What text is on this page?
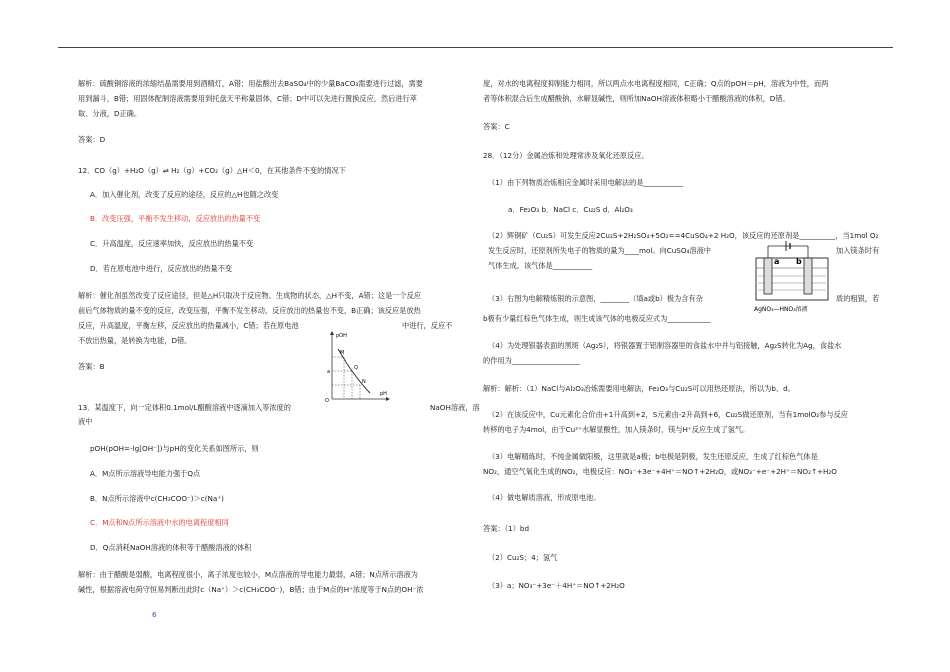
解析：硫酸铜溶液的浓缩结晶需要用到酒精灯，A错；用盐酸出去BaSO₄中的少量BaCO₃需要进行过滤，需要
用到漏斗，B错；用固体配制溶液需要用到托盘天平称量固体，C错；D中可以先进行置换反应，然后进行萃
取、分液，D正确。
答案：D
12．CO（g）+H₂O（g）⇌ H₂（g）+CO₂（g）△H＜0，在其他条件不变的情况下
A．加入催化剂，改变了反应的途径，反应的△H也随之改变
B．改变压强，平衡不发生移动，反应放出的热量不变
C．升高温度，反应速率加快，反应放出的热量不变
D．若在原电池中进行，反应放出的热量不变
解析：催化剂虽然改变了反应途径，但是△H只取决于反应物、生成物的状态，△H不变，A错；这是一个反应
前后气体物质的量不变的反应，改变压强，平衡不发生移动，反应放出的热量也不变，B正确；该反应是放热
反应，升高温度，平衡左移，反应放出的热量减小，C错；若在原电池	中进行，反应不
不放出热量，是转换为电能，D错。
答案：B
pOH
pH
O
M
Q
N
a
13．某温度下，向一定体积0.1mol/L醋酸溶液中逐滴加入等浓度的	NaOH溶液，溶
液中
pOH(pOH=-lg[OH⁻])与pH的变化关系如图所示，则
A．M点所示溶液导电能力强于Q点
B．N点所示溶液中c(CH₃COO⁻)＞c(Na⁺)
C．M点和N点所示溶液中水的电离程度相同
D．Q点消耗NaOH溶液的体积等于醋酸溶液的体积
解析：由于醋酸是弱酸，电离程度很小，离子浓度也较小，M点溶液的导电能力最弱，A错；N点所示溶液为
碱性，根据溶液电荷守恒易判断出此时c（Na⁺）＞c(CH₃COO⁻)，B错；由于M点的H⁺浓度等于N点的OH⁻浓
6
度，对水的电离程度抑制能力相同，所以两点水电离程度相同，C正确；Q点的pOH＝pH，溶液为中性，而两
者等体积混合后生成醋酸钠，水解显碱性，则所加NaOH溶液体积略小于醋酸溶液的体积，D错。
答案：C
28．（12分）金属冶炼和处理常涉及氧化还原反应。
（1）由下列物质冶炼相应金属时采用电解法的是___________
a．Fe₂O₃ b．NaCl c．Cu₂S d．Al₂O₃
（2）辉铜矿（Cu₂S）可发生反应2Cu₂S+2H₂SO₄+5O₂==4CuSO₄+2 H₂O，该反应的还原剂是__________，当1mol O₂
发生反应时，还原剂所失电子的物质的量为____mol。向CuSO₄溶液中	加入镁条时有
气体生成，该气体是___________	a b
AgNO₃—HNO₃溶液
（3）右图为电解精炼银的示意图，________（填a或b）极为含有杂	质的粗银，若
b极有少量红棕色气体生成，则生成该气体的电极反应式为____________
（4）为处理银器表面的黑斑（Ag₂S），将银器置于铝制容器里的食盐水中并与铝接触，Ag₂S转化为Ag，食盐水
的作用为___________________
解析：解析：（1）NaCl与Al₂O₃冶炼需要用电解法，Fe₂O₃与Cu₂S可以用热还原法，所以为b、d。
（2）在该反应中，Cu元素化合价由+1升高到+2，S元素由-2升高到+6，Cu₂S做还原剂，当有1molO₂参与反应
转移的电子为4mol，由于Cu²⁺水解显酸性，加入镁条时，镁与H⁺反应生成了氢气。
（3）电解精炼时，不纯金属做阳极，这里就是a极；b电极是阴极，发生还原反应，生成了红棕色气体是
NO₂，通空气氧化生成的NO₂，电极反应：NO₃⁻+3e⁻+4H⁺＝NO↑+2H₂O，或NO₃⁻+e⁻+2H⁺＝NO₂↑+H₂O
（4）做电解质溶液，形成原电池。
答案：（1）bd
（2）Cu₂S；4；氢气
（3）a；NO₃⁻+3e⁻＋4H⁺＝NO↑+2H₂O
